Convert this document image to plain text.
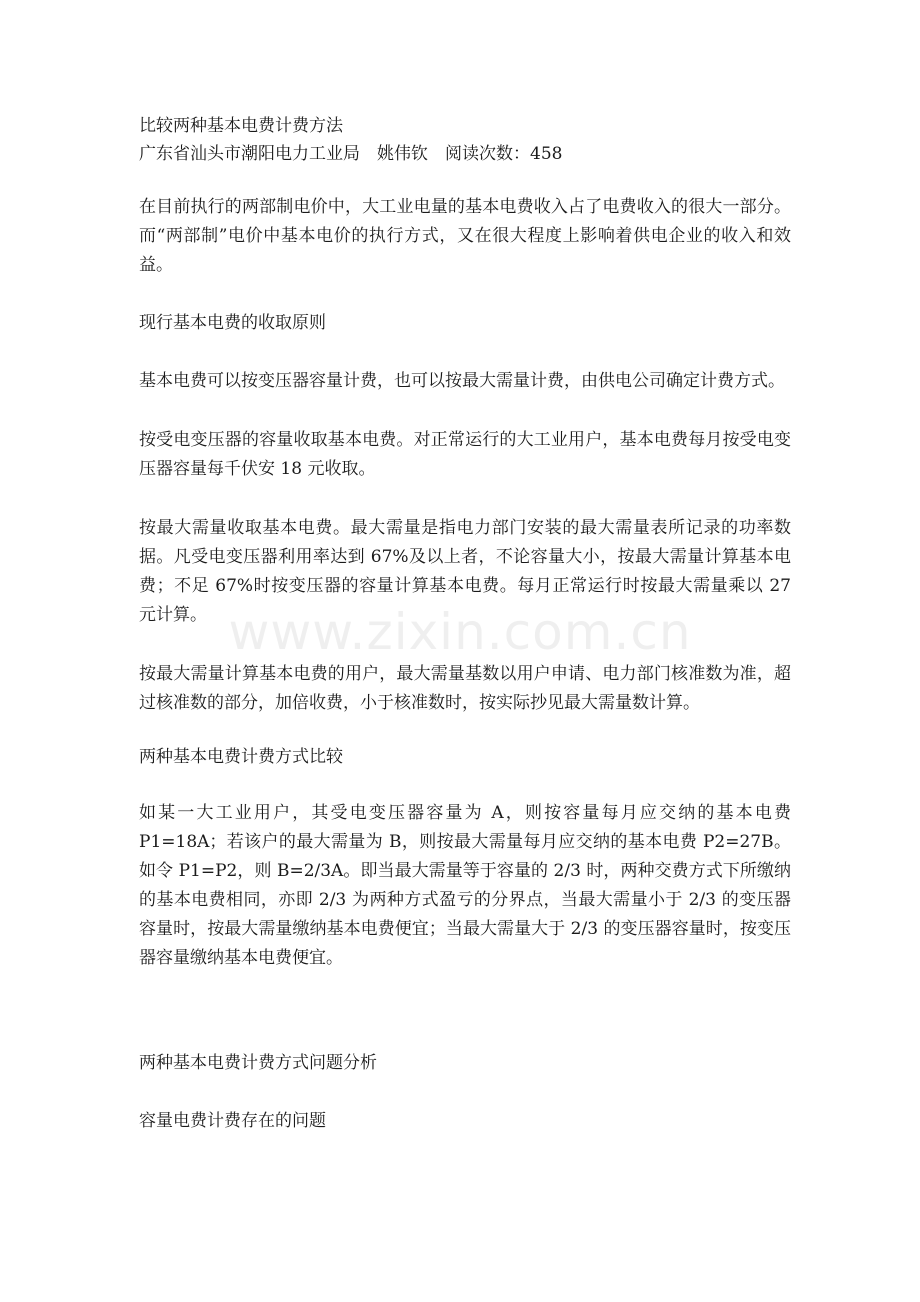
比较两种基本电费计费方法

广东省汕头市潮阳电力工业局　姚伟钦　阅读次数：458

在目前执行的两部制电价中，大工业电量的基本电费收入占了电费收入的很大一部分。而“两部制”电价中基本电价的执行方式，又在很大程度上影响着供电企业的收入和效益。

现行基本电费的收取原则

基本电费可以按变压器容量计费，也可以按最大需量计费，由供电公司确定计费方式。

按受电变压器的容量收取基本电费。对正常运行的大工业用户，基本电费每月按受电变压器容量每千伏安 18 元收取。

按最大需量收取基本电费。最大需量是指电力部门安装的最大需量表所记录的功率数据。凡受电变压器利用率达到 67%及以上者，不论容量大小，按最大需量计算基本电费；不足 67%时按变压器的容量计算基本电费。每月正常运行时按最大需量乘以 27 元计算。

按最大需量计算基本电费的用户，最大需量基数以用户申请、电力部门核准数为准，超过核准数的部分，加倍收费，小于核准数时，按实际抄见最大需量数计算。

两种基本电费计费方式比较

如某一大工业用户，其受电变压器容量为 A，则按容量每月应交纳的基本电费 P1=18A；若该户的最大需量为 B，则按最大需量每月应交纳的基本电费 P2=27B。如令 P1=P2，则 B=2/3A。即当最大需量等于容量的 2/3 时，两种交费方式下所缴纳的基本电费相同，亦即 2/3 为两种方式盈亏的分界点，当最大需量小于 2/3 的变压器容量时，按最大需量缴纳基本电费便宜；当最大需量大于 2/3 的变压器容量时，按变压器容量缴纳基本电费便宜。

两种基本电费计费方式问题分析

容量电费计费存在的问题

www.zixin.com.cn
